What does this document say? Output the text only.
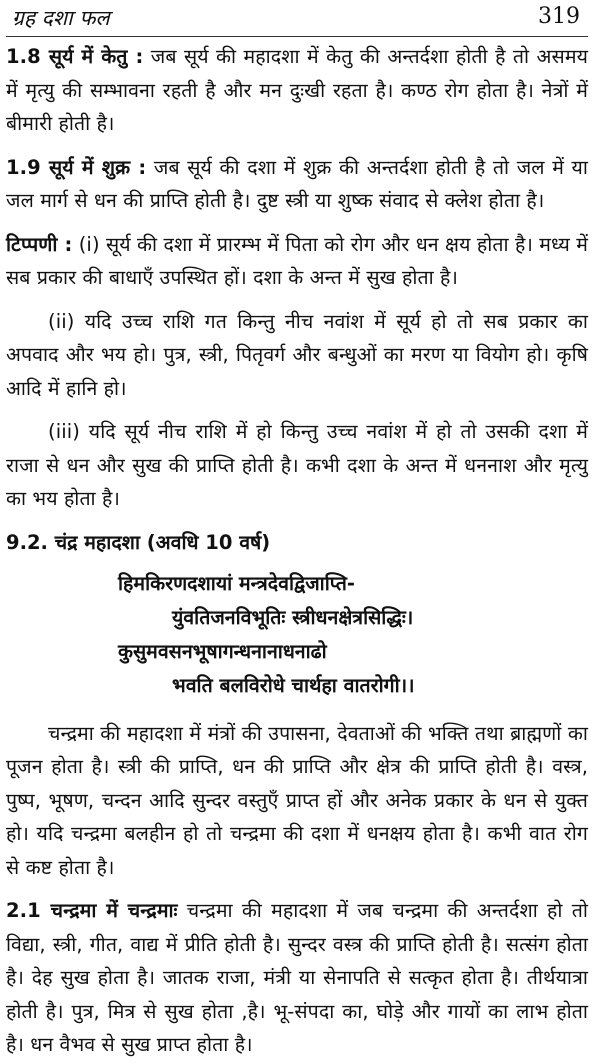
ग्रह दशा फल	319

1.8 सूर्य में केतु : जब सूर्य की महादशा में केतु की अन्तर्दशा होती है तो असमय में मृत्यु की सम्भावना रहती है और मन दुःखी रहता है। कण्ठ रोग होता है। नेत्रों में बीमारी होती है।

1.9 सूर्य में शुक्र : जब सूर्य की दशा में शुक्र की अन्तर्दशा होती है तो जल में या जल मार्ग से धन की प्राप्ति होती है। दुष्ट स्त्री या शुष्क संवाद से क्लेश होता है।

टिप्पणी : (i) सूर्य की दशा में प्रारम्भ में पिता को रोग और धन क्षय होता है। मध्य में सब प्रकार की बाधाएँ उपस्थित हों। दशा के अन्त में सुख होता है।

(ii) यदि उच्च राशि गत किन्तु नीच नवांश में सूर्य हो तो सब प्रकार का अपवाद और भय हो। पुत्र, स्त्री, पितृवर्ग और बन्धुओं का मरण या वियोग हो। कृषि आदि में हानि हो।

(iii) यदि सूर्य नीच राशि में हो किन्तु उच्च नवांश में हो तो उसकी दशा में राजा से धन और सुख की प्राप्ति होती है। कभी दशा के अन्त में धननाश और मृत्यु का भय होता है।

9.2. चंद्र महादशा (अवधि 10 वर्ष)
हिमकिरणदशायां मन्त्रदेवद्विजाप्ति-
युंवतिजनविभूतिः स्त्रीधनक्षेत्रसिद्धिः।
कुसुमवसनभूषागन्धनानाधनाढो
भवति बलविरोधे चार्थहा वातरोगी।।

चन्द्रमा की महादशा में मंत्रों की उपासना, देवताओं की भक्ति तथा ब्राह्मणों का पूजन होता है। स्त्री की प्राप्ति, धन की प्राप्ति और क्षेत्र की प्राप्ति होती है। वस्त्र, पुष्प, भूषण, चन्दन आदि सुन्दर वस्तुएँ प्राप्त हों और अनेक प्रकार के धन से युक्त हो। यदि चन्द्रमा बलहीन हो तो चन्द्रमा की दशा में धनक्षय होता है। कभी वात रोग से कष्ट होता है।

2.1 चन्द्रमा में चन्द्रमाः चन्द्रमा की महादशा में जब चन्द्रमा की अन्तर्दशा हो तो विद्या, स्त्री, गीत, वाद्य में प्रीति होती है। सुन्दर वस्त्र की प्राप्ति होती है। सत्संग होता है। देह सुख होता है। जातक राजा, मंत्री या सेनापति से सत्कृत होता है। तीर्थयात्रा होती है। पुत्र, मित्र से सुख होता ,है। भू-संपदा का, घोड़े और गायों का लाभ होता है। धन वैभव से सुख प्राप्त होता है।
